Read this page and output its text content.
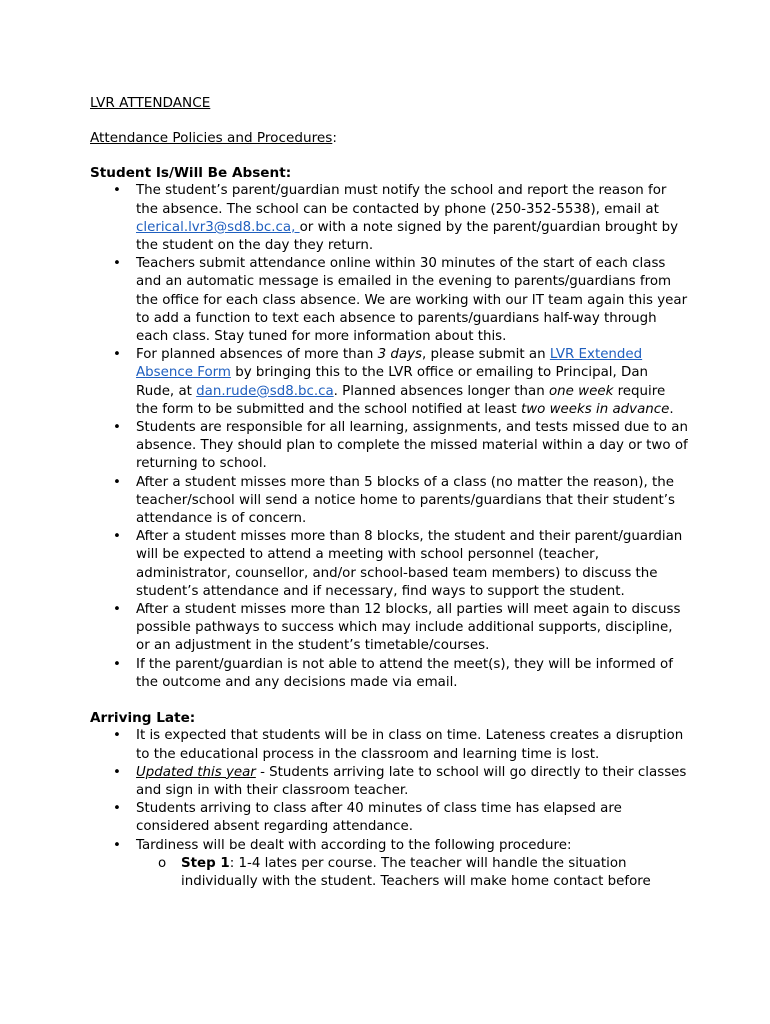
LVR ATTENDANCE

Attendance Policies and Procedures:

Student Is/Will Be Absent:

• The student’s parent/guardian must notify the school and report the reason for the absence. The school can be contacted by phone (250-352-5538), email at clerical.lvr3@sd8.bc.ca, or with a note signed by the parent/guardian brought by the student on the day they return.
• Teachers submit attendance online within 30 minutes of the start of each class and an automatic message is emailed in the evening to parents/guardians from the office for each class absence. We are working with our IT team again this year to add a function to text each absence to parents/guardians half-way through each class. Stay tuned for more information about this.
• For planned absences of more than 3 days, please submit an LVR Extended Absence Form by bringing this to the LVR office or emailing to Principal, Dan Rude, at dan.rude@sd8.bc.ca. Planned absences longer than one week require the form to be submitted and the school notified at least two weeks in advance.
• Students are responsible for all learning, assignments, and tests missed due to an absence. They should plan to complete the missed material within a day or two of returning to school.
• After a student misses more than 5 blocks of a class (no matter the reason), the teacher/school will send a notice home to parents/guardians that their student’s attendance is of concern.
• After a student misses more than 8 blocks, the student and their parent/guardian will be expected to attend a meeting with school personnel (teacher, administrator, counsellor, and/or school-based team members) to discuss the student’s attendance and if necessary, find ways to support the student.
• After a student misses more than 12 blocks, all parties will meet again to discuss possible pathways to success which may include additional supports, discipline, or an adjustment in the student’s timetable/courses.
• If the parent/guardian is not able to attend the meet(s), they will be informed of the outcome and any decisions made via email.

Arriving Late:

• It is expected that students will be in class on time. Lateness creates a disruption to the educational process in the classroom and learning time is lost.
• Updated this year - Students arriving late to school will go directly to their classes and sign in with their classroom teacher.
• Students arriving to class after 40 minutes of class time has elapsed are considered absent regarding attendance.
• Tardiness will be dealt with according to the following procedure:
o Step 1: 1-4 lates per course. The teacher will handle the situation individually with the student. Teachers will make home contact before
